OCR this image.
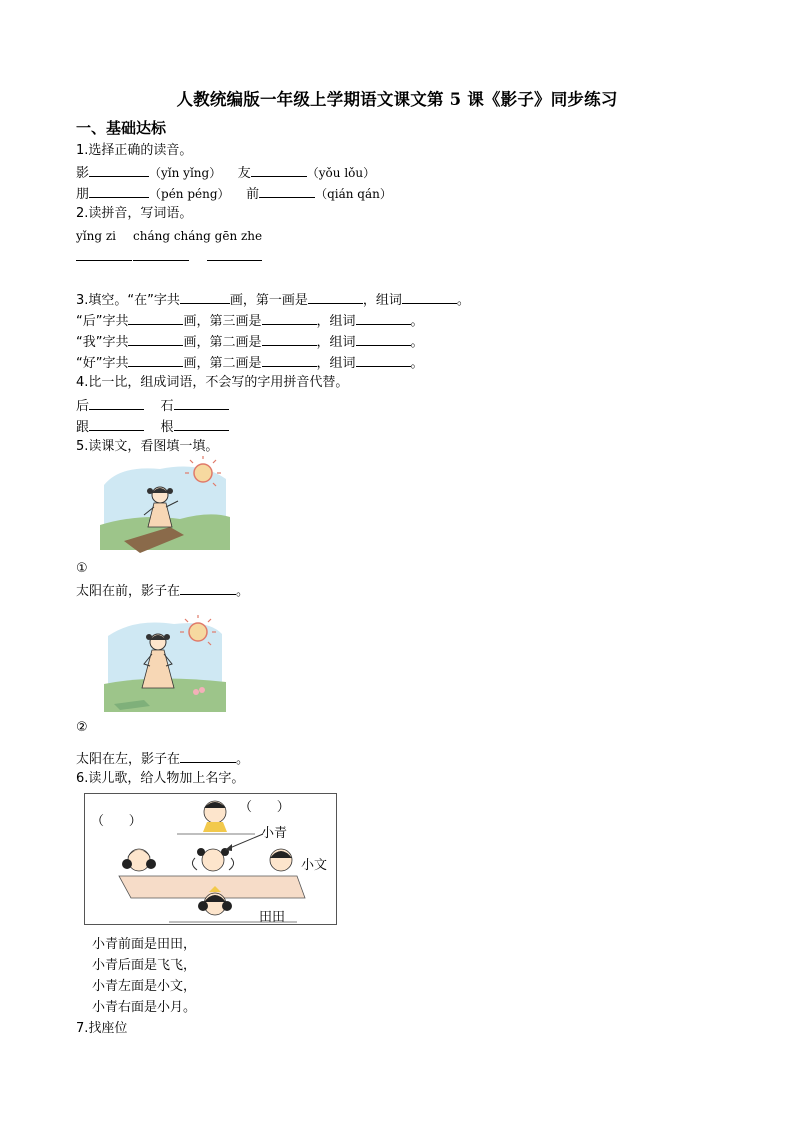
人教统编版一年级上学期语文课文第 5 课《影子》同步练习
一、基础达标
1.选择正确的读音。
影	（yǐn yǐng） 友	（yǒu lǒu）
朋	（pén péng） 前	（qián qán）
2.读拼音，写词语。
yǐng zi cháng cháng gēn zhe
3.填空。“在”字共	画，第一画是	，组词	。
“后”字共	画，第三画是	，组词	。
“我”字共	画，第二画是	，组词	。
“好”字共	画，第二画是	，组词	。
4.比一比，组成词语，不会写的字用拼音代替。
后	石
跟	根
5.读课文，看图填一填。
①
太阳在前，影子在	。
②
太阳在左，影子在	。
6.读儿歌，给人物加上名字。
（      ）
（      ）
小青
小文
田田
小青前面是田田，
小青后面是飞飞，
小青左面是小文，
小青右面是小月。
7.找座位
